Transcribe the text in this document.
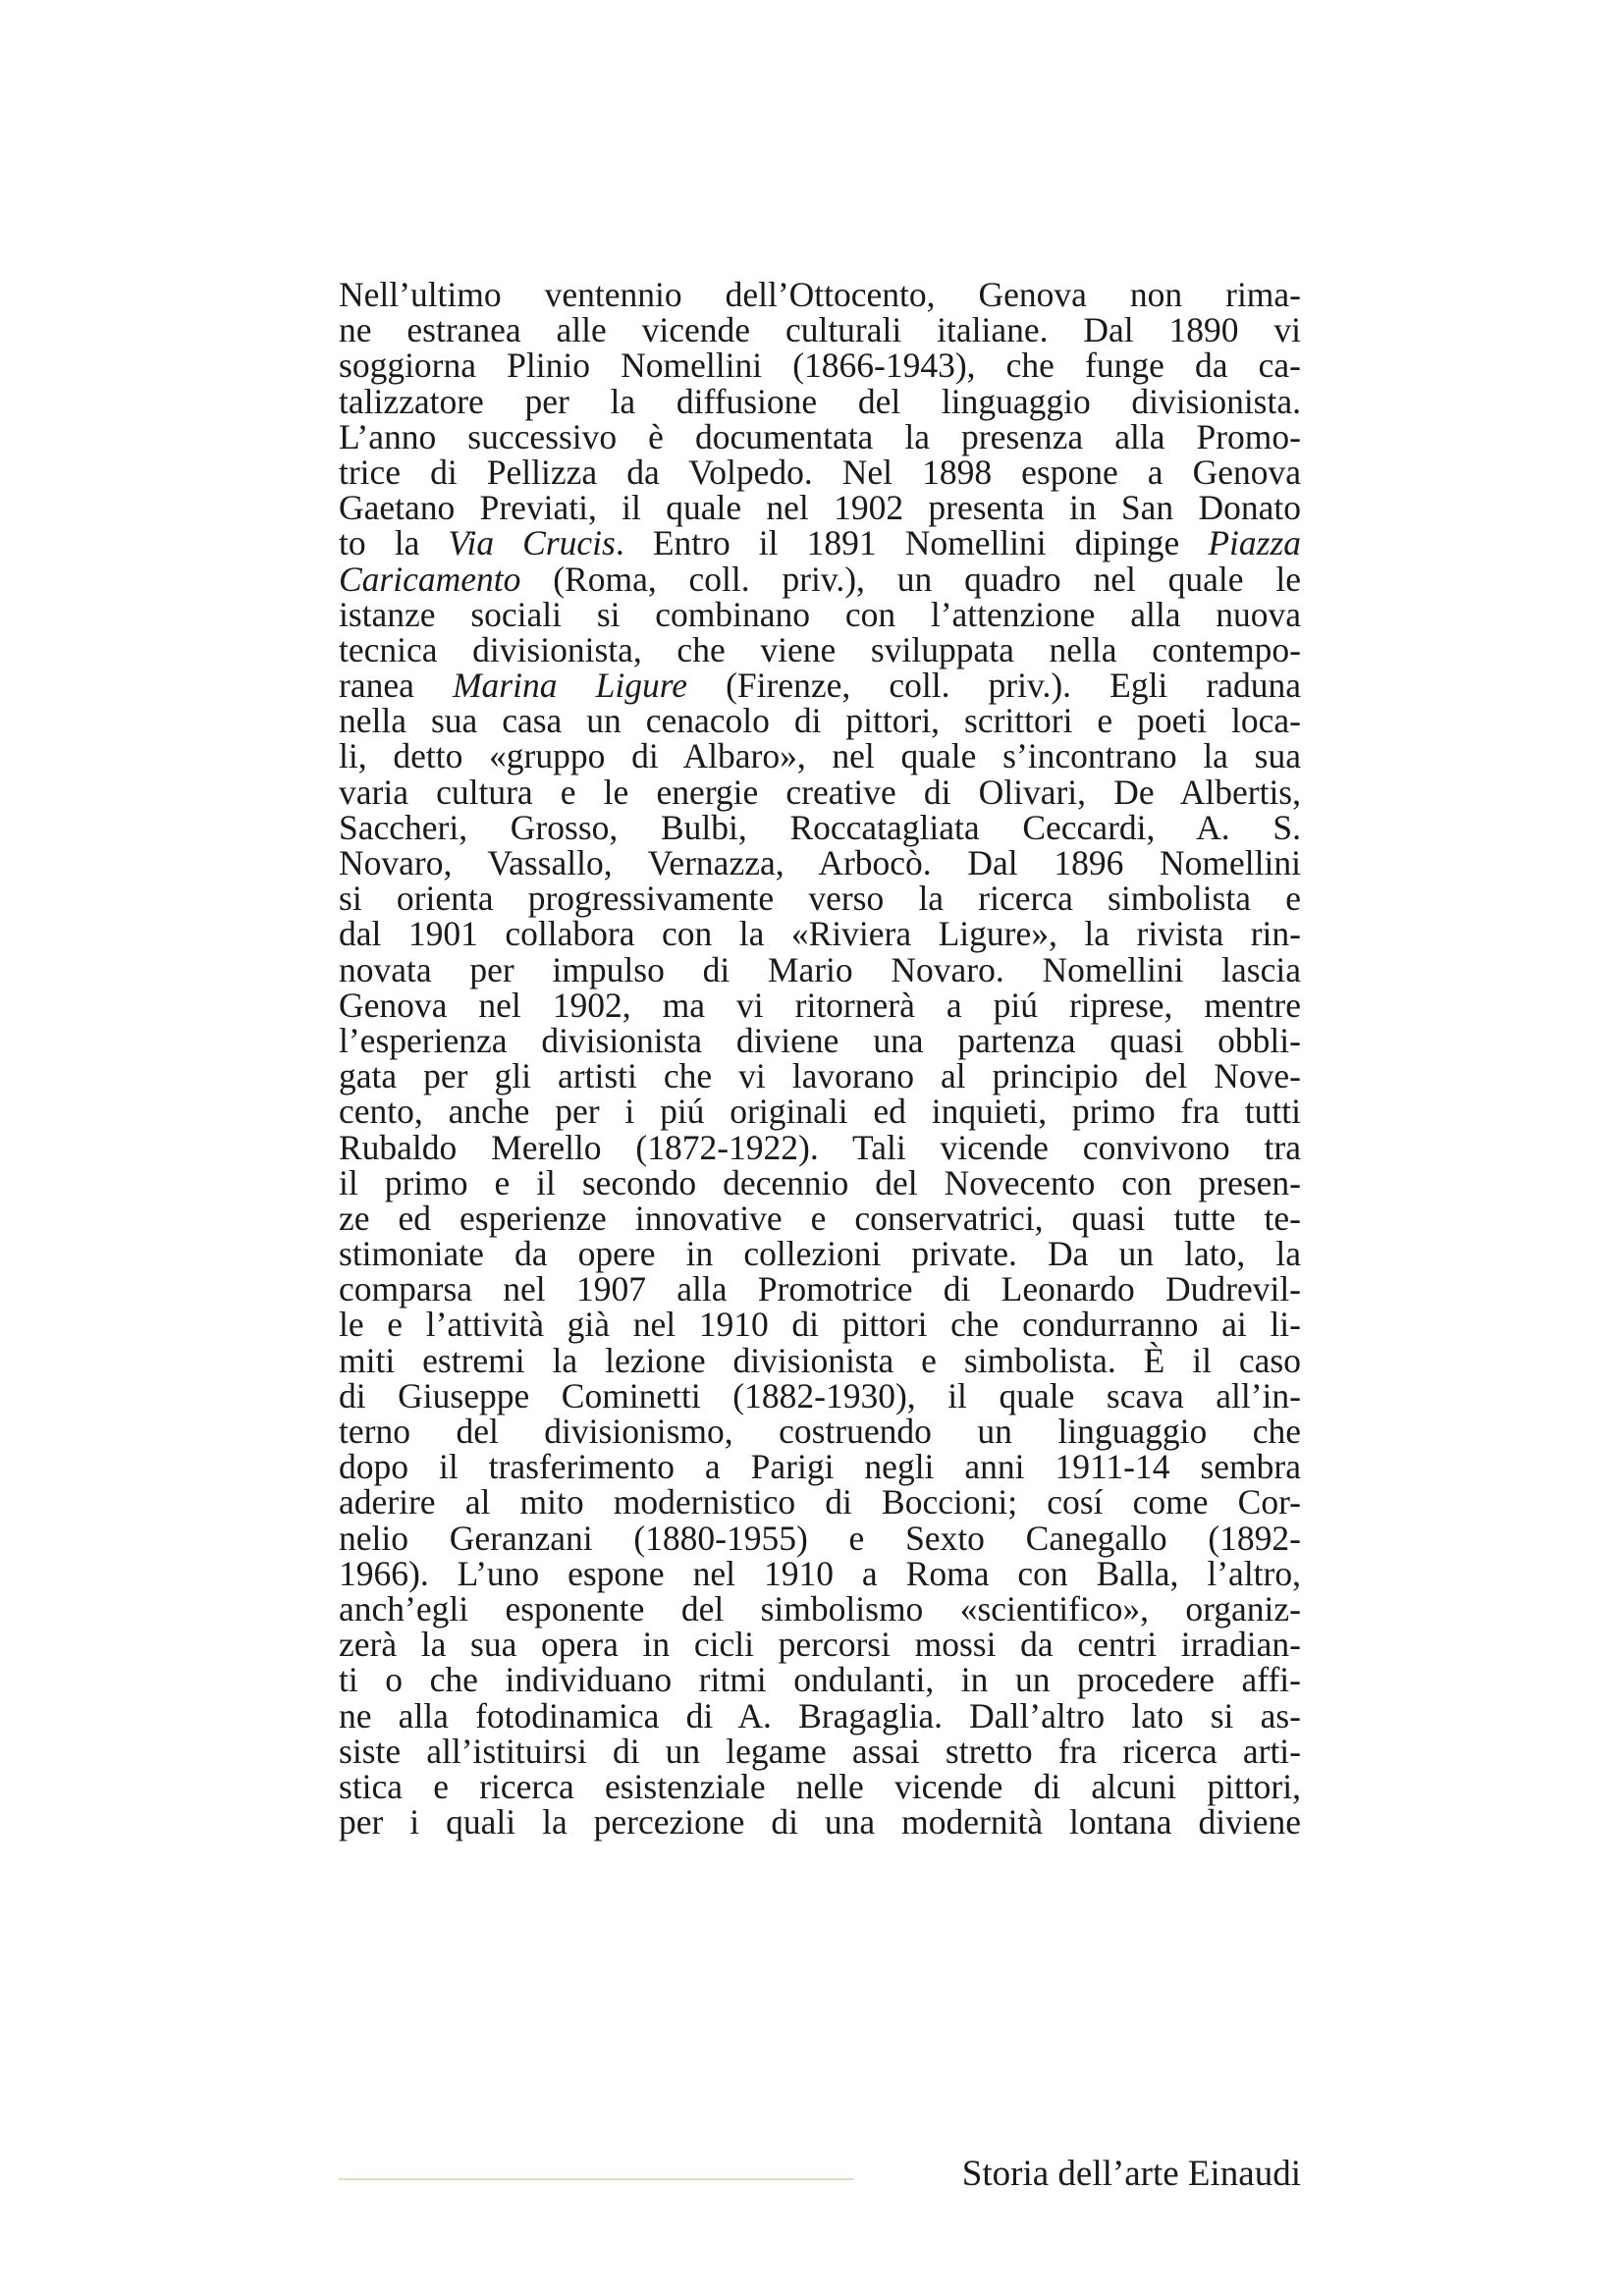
Nell’ultimo ventennio dell’Ottocento, Genova non rima-
ne estranea alle vicende culturali italiane. Dal 1890 vi
soggiorna Plinio Nomellini (1866-1943), che funge da ca-
talizzatore per la diffusione del linguaggio divisionista.
L’anno successivo è documentata la presenza alla Promo-
trice di Pellizza da Volpedo. Nel 1898 espone a Genova
Gaetano Previati, il quale nel 1902 presenta in San Donato
to la Via Crucis. Entro il 1891 Nomellini dipinge Piazza
Caricamento (Roma, coll. priv.), un quadro nel quale le
istanze sociali si combinano con l’attenzione alla nuova
tecnica divisionista, che viene sviluppata nella contempo-
ranea Marina Ligure (Firenze, coll. priv.). Egli raduna
nella sua casa un cenacolo di pittori, scrittori e poeti loca-
li, detto «gruppo di Albaro», nel quale s’incontrano la sua
varia cultura e le energie creative di Olivari, De Albertis,
Saccheri, Grosso, Bulbi, Roccatagliata Ceccardi, A. S.
Novaro, Vassallo, Vernazza, Arbocò. Dal 1896 Nomellini
si orienta progressivamente verso la ricerca simbolista e
dal 1901 collabora con la «Riviera Ligure», la rivista rin-
novata per impulso di Mario Novaro. Nomellini lascia
Genova nel 1902, ma vi ritornerà a piú riprese, mentre
l’esperienza divisionista diviene una partenza quasi obbli-
gata per gli artisti che vi lavorano al principio del Nove-
cento, anche per i piú originali ed inquieti, primo fra tutti
Rubaldo Merello (1872-1922). Tali vicende convivono tra
il primo e il secondo decennio del Novecento con presen-
ze ed esperienze innovative e conservatrici, quasi tutte te-
stimoniate da opere in collezioni private. Da un lato, la
comparsa nel 1907 alla Promotrice di Leonardo Dudrevil-
le e l’attività già nel 1910 di pittori che condurranno ai li-
miti estremi la lezione divisionista e simbolista. È il caso
di Giuseppe Cominetti (1882-1930), il quale scava all’in-
terno del divisionismo, costruendo un linguaggio che
dopo il trasferimento a Parigi negli anni 1911-14 sembra
aderire al mito modernistico di Boccioni; cosí come Cor-
nelio Geranzani (1880-1955) e Sexto Canegallo (1892-
1966). L’uno espone nel 1910 a Roma con Balla, l’altro,
anch’egli esponente del simbolismo «scientifico», organiz-
zerà la sua opera in cicli percorsi mossi da centri irradian-
ti o che individuano ritmi ondulanti, in un procedere affi-
ne alla fotodinamica di A. Bragaglia. Dall’altro lato si as-
siste all’istituirsi di un legame assai stretto fra ricerca arti-
stica e ricerca esistenziale nelle vicende di alcuni pittori,
per i quali la percezione di una modernità lontana diviene
Storia dell’arte Einaudi
